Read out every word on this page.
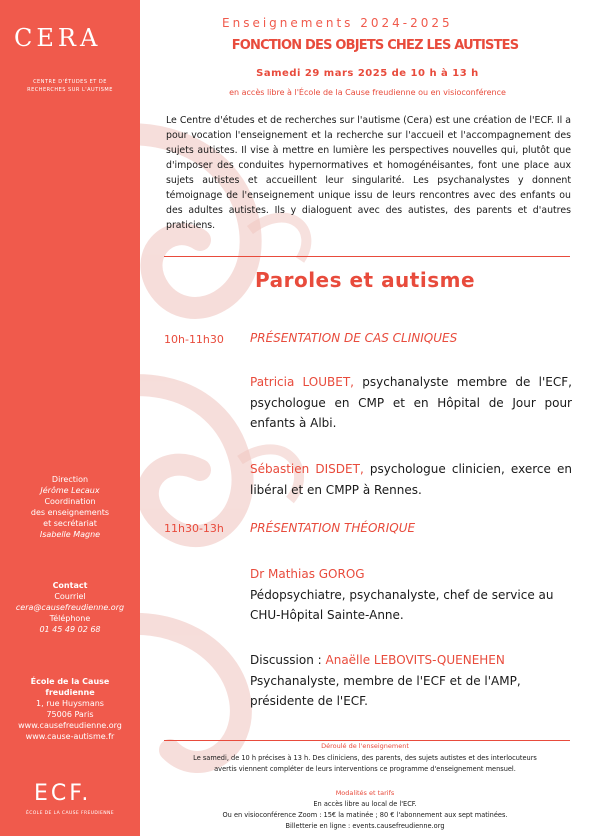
CERA
CENTRE D'ÉTUDES ET DE RECHERCHES SUR L'AUTISME
Direction
Jérôme Lecaux
Coordination
des enseignements
et secrétariat
Isabelle Magne
Contact
Courriel
cera@causefreudienne.org
Téléphone
01 45 49 02 68
École de la Cause
freudienne
1, rue Huysmans
75006 Paris
www.causefreudienne.org
www.cause-autisme.fr
ECF.
ÉCOLE DE LA CAUSE FREUDIENNE
Enseignements 2024-2025
FONCTION DES OBJETS CHEZ LES AUTISTES
Samedi 29 mars 2025 de 10 h à 13 h
en accès libre à l'École de la Cause freudienne ou en visioconférence
Le Centre d'études et de recherches sur l'autisme (Cera) est une création de l'ECF. Il a pour vocation l'enseignement et la recherche sur l'accueil et l'accompagnement des sujets autistes. Il vise à mettre en lumière les perspectives nouvelles qui, plutôt que d'imposer des conduites hypernormatives et homogénéisantes, font une place aux sujets autistes et accueillent leur singularité. Les psychanalystes y donnent témoignage de l'enseignement unique issu de leurs rencontres avec des enfants ou des adultes autistes. Ils y dialoguent avec des autistes, des parents et d'autres praticiens.
Paroles et autisme
10h-11h30 PRÉSENTATION DE CAS CLINIQUES
Patricia LOUBET, psychanalyste membre de l'ECF, psychologue en CMP et en Hôpital de Jour pour enfants à Albi.
Sébastien DISDET, psychologue clinicien, exerce en libéral et en CMPP à Rennes.
11h30-13h PRÉSENTATION THÉORIQUE
Dr Mathias GOROG
Pédopsychiatre, psychanalyste, chef de service au CHU-Hôpital Sainte-Anne.
Discussion : Anaëlle LEBOVITS-QUENEHEN
Psychanalyste, membre de l'ECF et de l'AMP, présidente de l'ECF.
Déroulé de l'enseignement
Le samedi, de 10 h précises à 13 h. Des cliniciens, des parents, des sujets autistes et des interlocuteurs
avertis viennent compléter de leurs interventions ce programme d'enseignement mensuel.
Modalités et tarifs
En accès libre au local de l'ECF.
Ou en visioconférence Zoom : 15€ la matinée ; 80 € l'abonnement aux sept matinées.
Billetterie en ligne : events.causefreudienne.org
